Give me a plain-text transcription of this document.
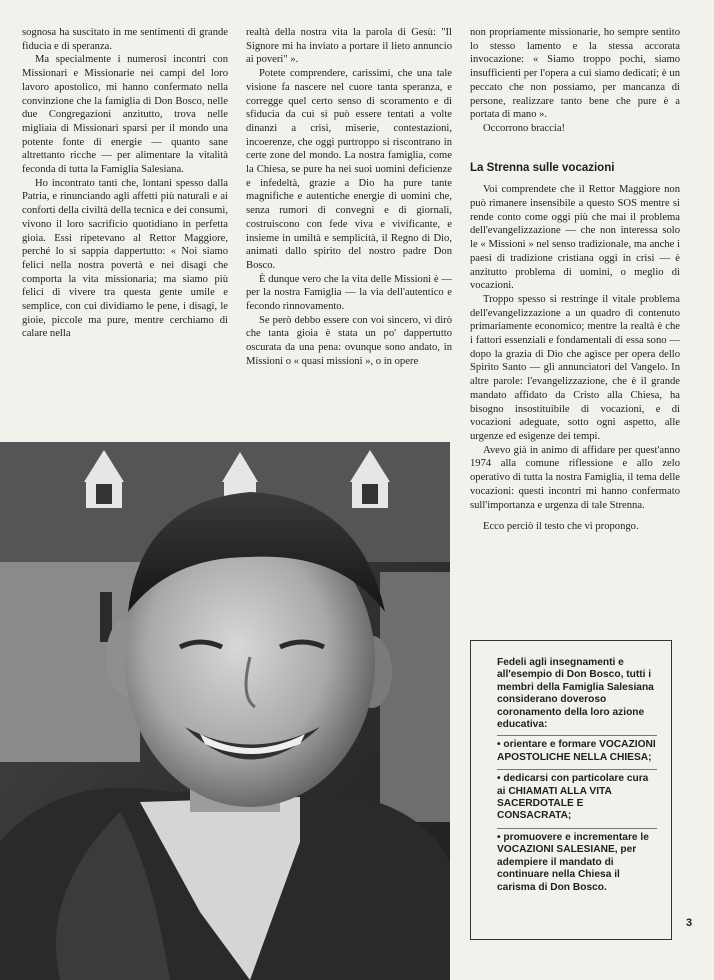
sognosa ha suscitato in me sentimenti di grande fiducia e di speranza.

Ma specialmente i numerosi incontri con Missionari e Missionarie nei campi del loro lavoro apostolico, mi hanno confermato nella convinzione che la famiglia di Don Bosco, nelle due Congregazioni anzitutto, trova nelle migliaia di Missionari sparsi per il mondo una potente fonte di energie — quanto sane altrettanto ricche — per alimentare la vitalità feconda di tutta la Famiglia Salesiana.

Ho incontrato tanti che, lontani spesso dalla Patria, e rinunciando agli affetti più naturali e ai conforti della civiltà della tecnica e dei consumi, vivono il loro sacrificio quotidiano in perfetta gioia. Essi ripetevano al Rettor Maggiore, perché lo si sappia dappertutto: « Noi siamo felici nella nostra povertà e nei disagi che comporta la vita missionaria; ma siamo più felici di vivere tra questa gente umile e semplice, con cui dividiamo le pene, i disagi, le gioie, piccole ma pure, mentre cerchiamo di calare nella

realtà della nostra vita la parola di Gesù: "Il Signore mi ha inviato a portare il lieto annuncio ai poveri" ».

Potete comprendere, carissimi, che una tale visione fa nascere nel cuore tanta speranza, e corregge quel certo senso di scoramento e di sfiducia da cui si può essere tentati a volte dinanzi a crisi, miserie, contestazioni, incoerenze, che oggi purtroppo si riscontrano in certe zone del mondo. La nostra famiglia, come la Chiesa, se pure ha nei suoi uomini deficienze e infedeltà, grazie a Dio ha pure tante magnifiche e autentiche energie di uomini che, senza rumori di convegni e di giornali, costruiscono con fede viva e vivificante, e insieme in umiltà e semplicità, il Regno di Dio, animati dallo spirito del nostro padre Don Bosco.

È dunque vero che la vita delle Missioni è — per la nostra Famiglia — la via dell'autentico e fecondo rinnovamento.

Se però debbo essere con voi sincero, vi dirò che tanta gioia è stata un po' dappertutto oscurata da una pena: ovunque sono andato, in Missioni o « quasi missioni », o in opere

non propriamente missionarie, ho sempre sentito lo stesso lamento e la stessa accorata invocazione: « Siamo troppo pochi, siamo insufficienti per l'opera a cui siamo dedicati; è un peccato che non possiamo, per mancanza di persone, realizzare tanto bene che pure è a portata di mano ».

Occorrono braccia!

La Strenna sulle vocazioni

Voi comprendete che il Rettor Maggiore non può rimanere insensibile a questo SOS mentre si rende conto come oggi più che mai il problema dell'evangelizzazione — che non interessa solo le « Missioni » nel senso tradizionale, ma anche i paesi di tradizione cristiana oggi in crisi — è anzitutto problema di uomini, o meglio di vocazioni.

Troppo spesso si restringe il vitale problema dell'evangelizzazione a un quadro di contenuto primariamente economico; mentre la realtà è che i fattori essenziali e fondamentali di essa sono — dopo la grazia di Dio che agisce per opera dello Spirito Santo — gli annunciatori del Vangelo. In altre parole: l'evangelizzazione, che è il grande mandato affidato da Cristo alla Chiesa, ha bisogno insostituibile di vocazioni, e di vocazioni adeguate, sotto ogni aspetto, alle urgenze ed esigenze dei tempi.

Avevo già in animo di affidare per quest'anno 1974 alla comune riflessione e allo zelo operativo di tutta la nostra Famiglia, il tema delle vocazioni: questi incontri mi hanno confermato sull'importanza e urgenza di tale Strenna.

Ecco perciò il testo che vi propongo.

Fedeli agli insegnamenti e all'esempio di Don Bosco, tutti i membri della Famiglia Salesiana considerano doveroso coronamento della loro azione educativa:

• orientare e formare VOCAZIONI APOSTOLICHE NELLA CHIESA;
• dedicarsi con particolare cura ai CHIAMATI ALLA VITA SACERDOTALE E CONSACRATA;
• promuovere e incrementare le VOCAZIONI SALESIANE, per adempiere il mandato di continuare nella Chiesa il carisma di Don Bosco.
3
